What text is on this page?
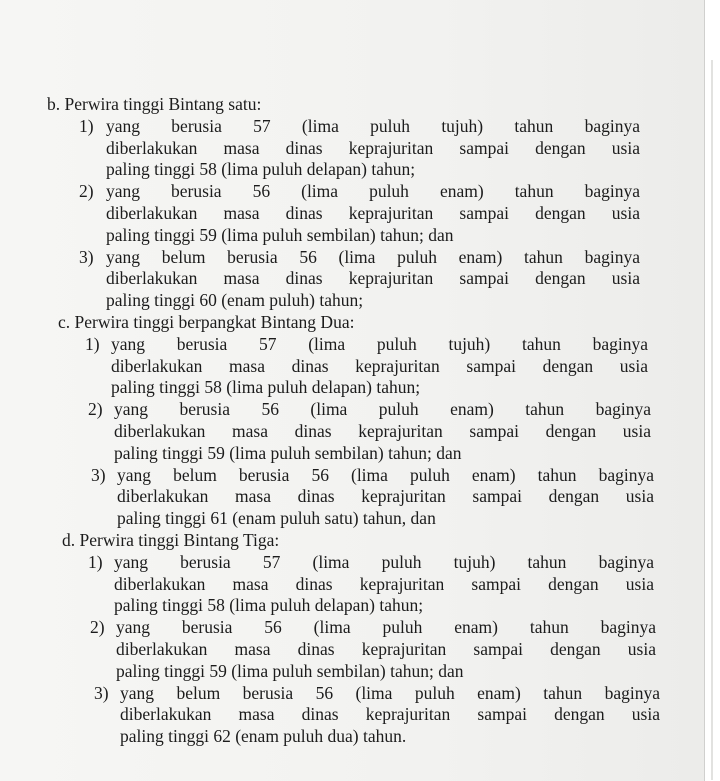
b. Perwira tinggi Bintang satu:
1) yang berusia 57 (lima puluh tujuh) tahun baginya
diberlakukan masa dinas keprajuritan sampai dengan usia
paling tinggi 58 (lima puluh delapan) tahun;
2) yang berusia 56 (lima puluh enam) tahun baginya
diberlakukan masa dinas keprajuritan sampai dengan usia
paling tinggi 59 (lima puluh sembilan) tahun; dan
3) yang belum berusia 56 (lima puluh enam) tahun baginya
diberlakukan masa dinas keprajuritan sampai dengan usia
paling tinggi 60 (enam puluh) tahun;
c. Perwira tinggi berpangkat Bintang Dua:
1) yang berusia 57 (lima puluh tujuh) tahun baginya
diberlakukan masa dinas keprajuritan sampai dengan usia
paling tinggi 58 (lima puluh delapan) tahun;
2) yang berusia 56 (lima puluh enam) tahun baginya
diberlakukan masa dinas keprajuritan sampai dengan usia
paling tinggi 59 (lima puluh sembilan) tahun; dan
3) yang belum berusia 56 (lima puluh enam) tahun baginya
diberlakukan masa dinas keprajuritan sampai dengan usia
paling tinggi 61 (enam puluh satu) tahun, dan
d. Perwira tinggi Bintang Tiga:
1) yang berusia 57 (lima puluh tujuh) tahun baginya
diberlakukan masa dinas keprajuritan sampai dengan usia
paling tinggi 58 (lima puluh delapan) tahun;
2) yang berusia 56 (lima puluh enam) tahun baginya
diberlakukan masa dinas keprajuritan sampai dengan usia
paling tinggi 59 (lima puluh sembilan) tahun; dan
3) yang belum berusia 56 (lima puluh enam) tahun baginya
diberlakukan masa dinas keprajuritan sampai dengan usia
paling tinggi 62 (enam puluh dua) tahun.
